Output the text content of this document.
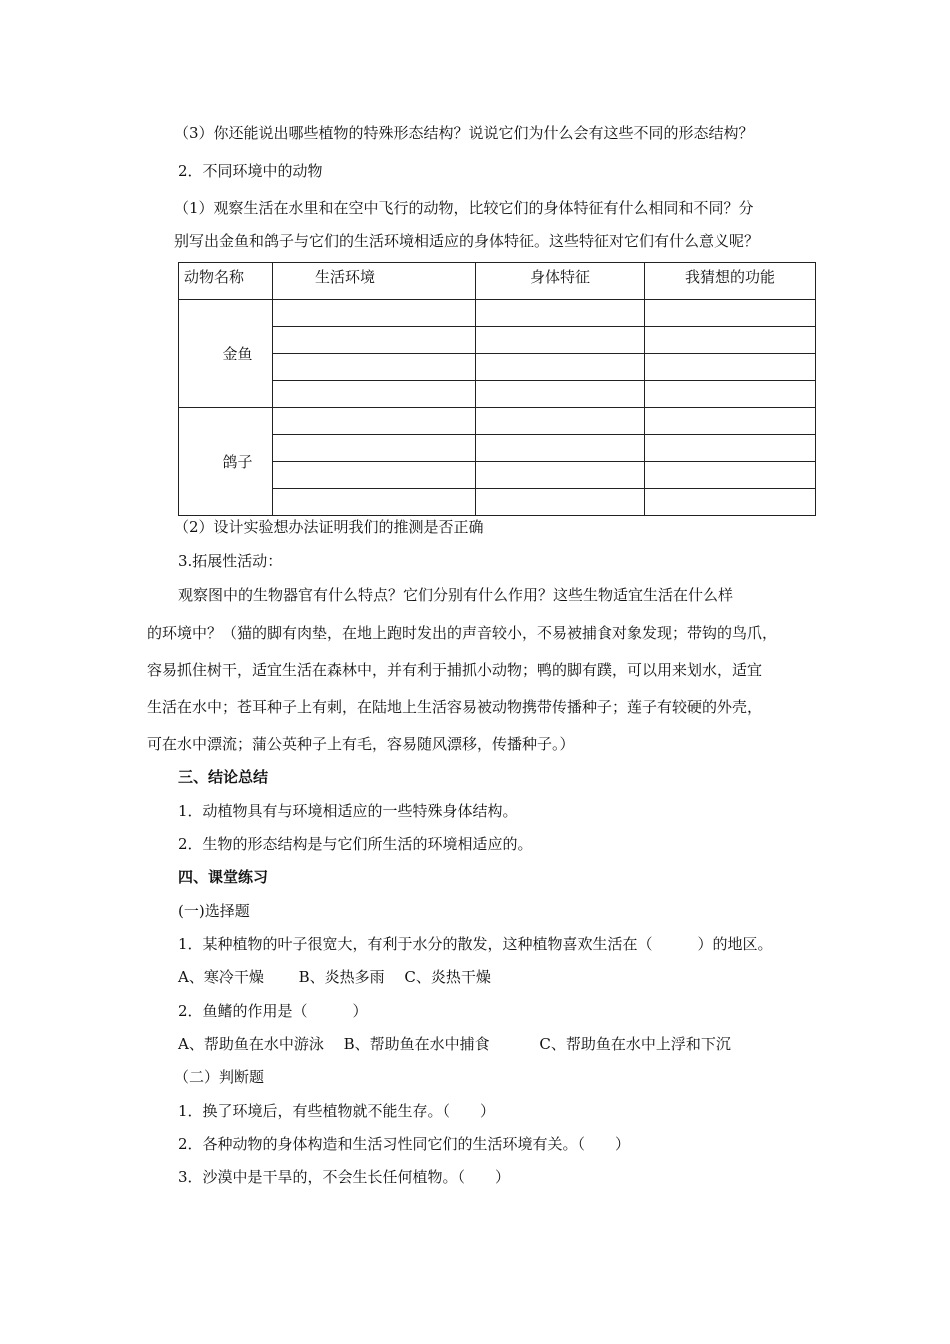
（3）你还能说出哪些植物的特殊形态结构？说说它们为什么会有这些不同的形态结构？
2．不同环境中的动物
（1）观察生活在水里和在空中飞行的动物，比较它们的身体特征有什么相同和不同？分
别写出金鱼和鸽子与它们的生活环境相适应的身体特征。这些特征对它们有什么意义呢？
动物名称	生活环境	身体特征	我猜想的功能
金鱼			

鸽子			

（2）设计实验想办法证明我们的推测是否正确
3.拓展性活动：
观察图中的生物器官有什么特点？它们分别有什么作用？这些生物适宜生活在什么样
的环境中？（猫的脚有肉垫，在地上跑时发出的声音较小，不易被捕食对象发现；带钩的鸟爪，
容易抓住树干，适宜生活在森林中，并有利于捕抓小动物；鸭的脚有蹼，可以用来划水，适宜
生活在水中；苍耳种子上有刺，在陆地上生活容易被动物携带传播种子；莲子有较硬的外壳，
可在水中漂流；蒲公英种子上有毛，容易随风漂移，传播种子。）
三、结论总结
1．动植物具有与环境相适应的一些特殊身体结构。
2．生物的形态结构是与它们所生活的环境相适应的。
四、课堂练习
(一)选择题
1．某种植物的叶子很宽大，有利于水分的散发，这种植物喜欢生活在（　　　）的地区。
A、寒冷干燥　　 B、炎热多雨　 C、炎热干燥
2．鱼鳍的作用是（　　　）
A、帮助鱼在水中游泳　 B、帮助鱼在水中捕食　　　 C、帮助鱼在水中上浮和下沉
（二）判断题
1．换了环境后，有些植物就不能生存。（　　）
2．各种动物的身体构造和生活习性同它们的生活环境有关。（　　）
3．沙漠中是干旱的，不会生长任何植物。（　　）
